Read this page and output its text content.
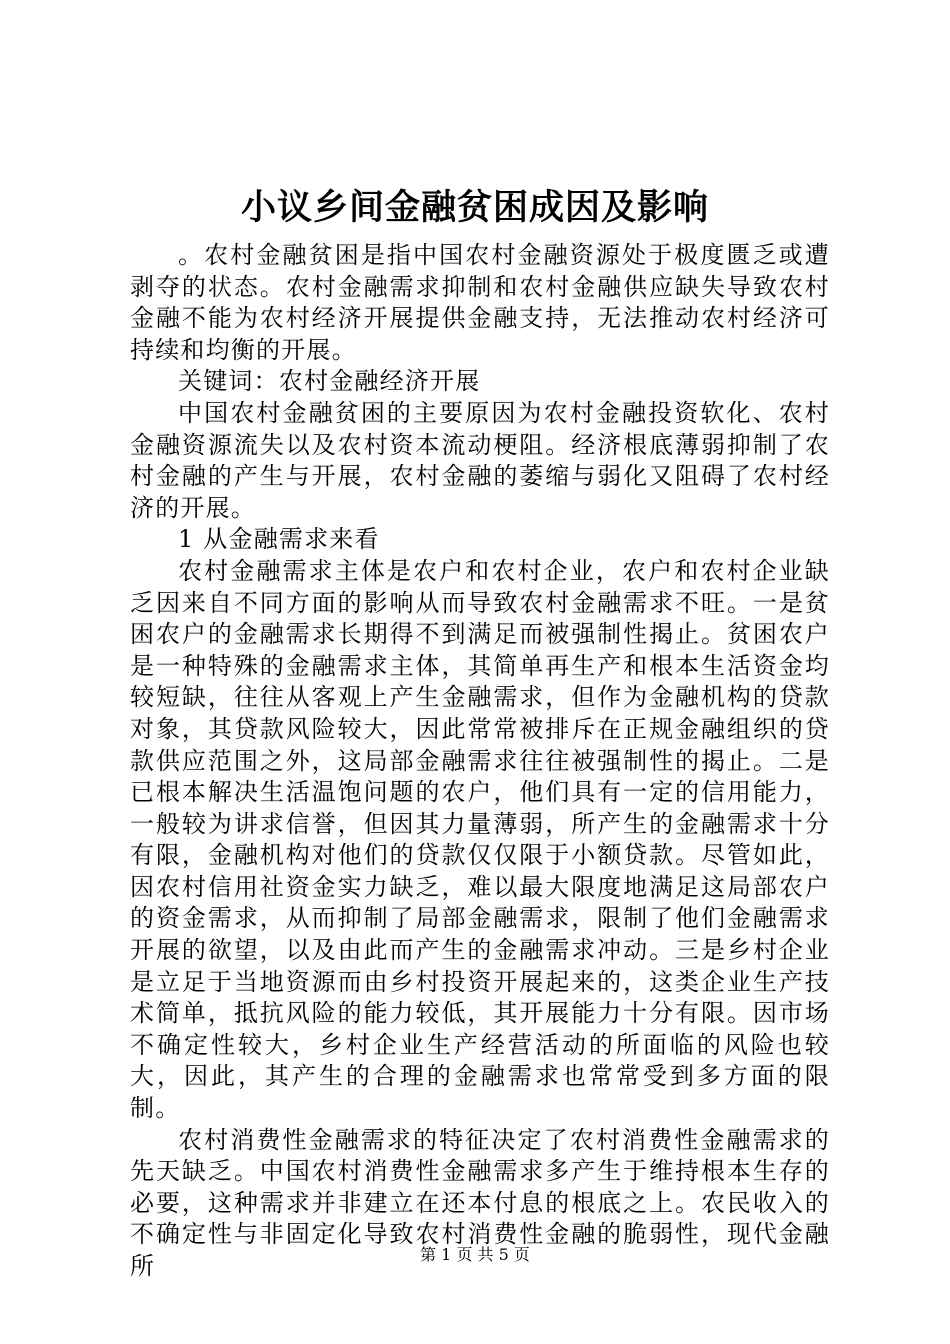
小议乡间金融贫困成因及影响

。农村金融贫困是指中国农村金融资源处于极度匮乏或遭剥夺的状态。农村金融需求抑制和农村金融供应缺失导致农村金融不能为农村经济开展提供金融支持，无法推动农村经济可持续和均衡的开展。

关键词：农村金融经济开展

中国农村金融贫困的主要原因为农村金融投资软化、农村金融资源流失以及农村资本流动梗阻。经济根底薄弱抑制了农村金融的产生与开展，农村金融的萎缩与弱化又阻碍了农村经济的开展。

1 从金融需求来看

农村金融需求主体是农户和农村企业，农户和农村企业缺乏因来自不同方面的影响从而导致农村金融需求不旺。一是贫困农户的金融需求长期得不到满足而被强制性揭止。贫困农户是一种特殊的金融需求主体，其简单再生产和根本生活资金均较短缺，往往从客观上产生金融需求，但作为金融机构的贷款对象，其贷款风险较大，因此常常被排斥在正规金融组织的贷款供应范围之外，这局部金融需求往往被强制性的揭止。二是已根本解决生活温饱问题的农户，他们具有一定的信用能力，一般较为讲求信誉，但因其力量薄弱，所产生的金融需求十分有限，金融机构对他们的贷款仅仅限于小额贷款。尽管如此，因农村信用社资金实力缺乏，难以最大限度地满足这局部农户的资金需求，从而抑制了局部金融需求，限制了他们金融需求开展的欲望，以及由此而产生的金融需求冲动。三是乡村企业是立足于当地资源而由乡村投资开展起来的，这类企业生产技术简单，抵抗风险的能力较低，其开展能力十分有限。因市场不确定性较大，乡村企业生产经营活动的所面临的风险也较大，因此，其产生的合理的金融需求也常常受到多方面的限制。

农村消费性金融需求的特征决定了农村消费性金融需求的先天缺乏。中国农村消费性金融需求多产生于维持根本生存的必要，这种需求并非建立在还本付息的根底之上。农民收入的不确定性与非固定化导致农村消费性金融的脆弱性，现代金融所	第 1 页 共 5 页
